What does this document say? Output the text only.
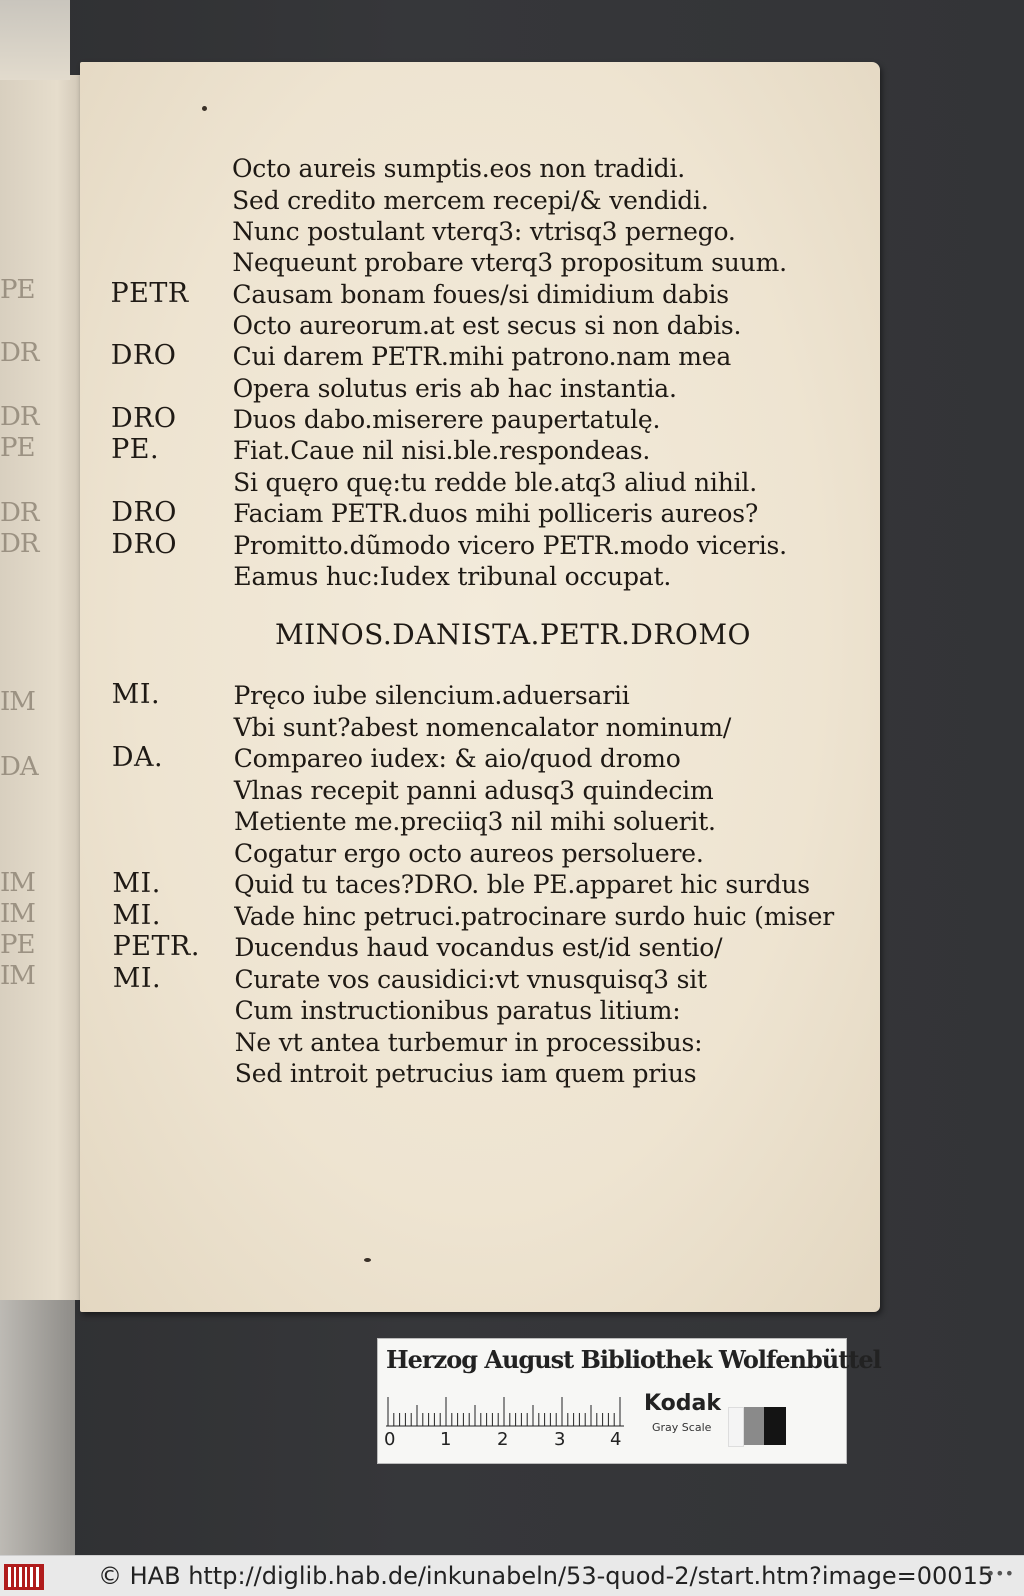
PE
DR
DR
PE
DR
DR
IM
DA
IM
IM
PE
IM
Octo aureis sumptis.eos non tradidi.
Sed credito mercem recepi/& vendidi.
Nunc postulant vterq3: vtrisq3 pernego.
Nequeunt probare vterq3 propositum suum.
PETR Causam bonam foues/si dimidium dabis
Octo aureorum.at est secus si non dabis.
DRO Cui darem PETR.mihi patrono.nam mea
Opera solutus eris ab hac instantia.
DRO Duos dabo.miserere paupertatulę.
PE.	Fiat.Caue nil nisi.ble.respondeas.
Si quęro quę:tu redde ble.atq3 aliud nihil.
DRO Faciam PETR.duos mihi polliceris aureos?
DRO Promitto.dũmodo vicero PETR.modo viceris.
Eamus huc:Iudex tribunal occupat.
MI.	Pręco iube silencium.aduersarii
Vbi sunt?abest nomencalator nominum/
DA.	Compareo iudex: & aio/quod dromo
Vlnas recepit panni adusq3 quindecim
Metiente me.preciiq3 nil mihi soluerit.
Cogatur ergo octo aureos persoluere.
MI.	Quid tu taces?DRO. ble PE.apparet hic surdus
MI.	Vade hinc petruci.patrocinare surdo huic (miser
PETR. Ducendus haud vocandus est/id sentio/
MI.	Curate vos causidici:vt vnusquisq3 sit
Cum instructionibus paratus litium:
Ne vt antea turbemur in processibus:
Sed introit petrucius iam quem prius
MINOS.DANISTA.PETR.DROMO
Herzog August Bibliothek Wolfenbüttel
0 1	2	3 4
Kodak
Gray Scale
© HAB http://diglib.hab.de/inkunabeln/53-quod-2/start.htm?image=00015
•••
